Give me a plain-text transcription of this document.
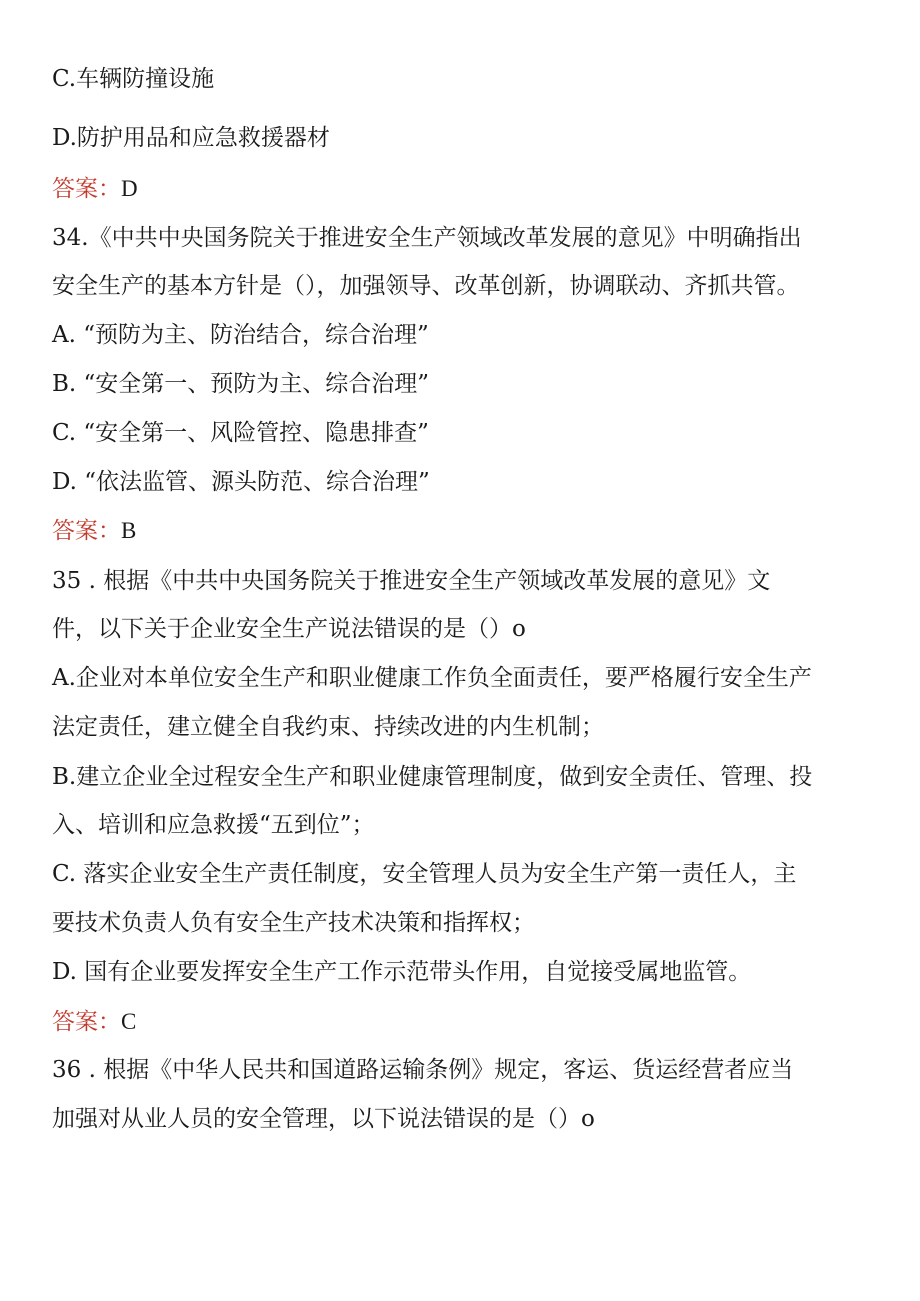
C.车辆防撞设施
D.防护用品和应急救援器材
答案：D
34.《中共中央国务院关于推进安全生产领域改革发展的意见》中明确指出
安全生产的基本方针是（），加强领导、改革创新，协调联动、齐抓共管。
A. “预防为主、防治结合，综合治理”
B. “安全第一、预防为主、综合治理”
C. “安全第一、风险管控、隐患排查”
D. “依法监管、源头防范、综合治理”
答案：B
35 . 根据《中共中央国务院关于推进安全生产领域改革发展的意见》文
件，以下关于企业安全生产说法错误的是（）o
A.企业对本单位安全生产和职业健康工作负全面责任，要严格履行安全生产
法定责任，建立健全自我约束、持续改进的内生机制；
B.建立企业全过程安全生产和职业健康管理制度，做到安全责任、管理、投
入、培训和应急救援“五到位”；
C. 落实企业安全生产责任制度，安全管理人员为安全生产第一责任人，主
要技术负责人负有安全生产技术决策和指挥权；
D. 国有企业要发挥安全生产工作示范带头作用，自觉接受属地监管。
答案：C
36 . 根据《中华人民共和国道路运输条例》规定，客运、货运经营者应当
加强对从业人员的安全管理，以下说法错误的是（）o
